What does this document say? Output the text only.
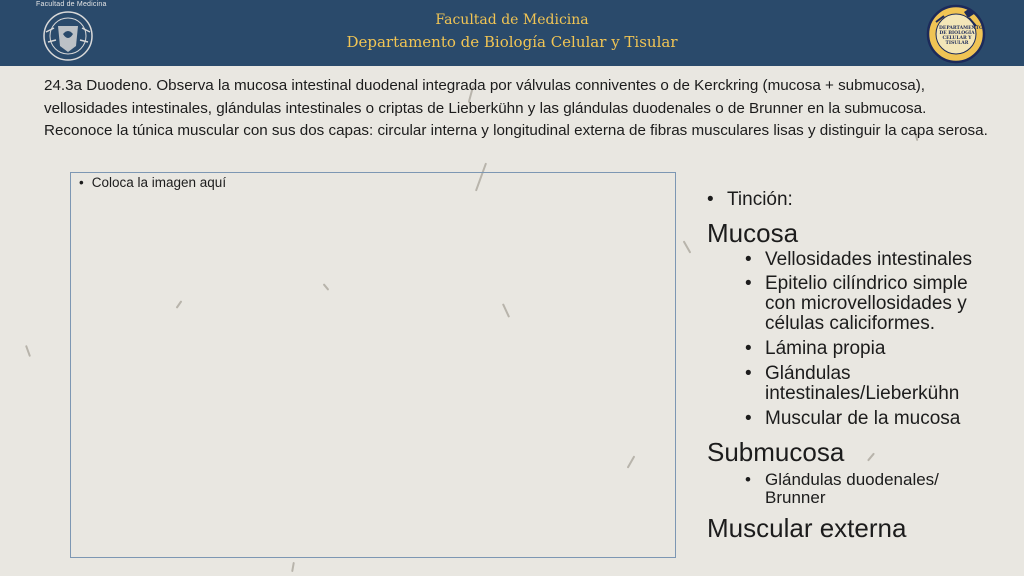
Facultad de Medicina
Facultad de Medicina
Departamento de Biología Celular y Tisular
DEPARTAMENTO DE BIOLOGÍA CELULAR Y TISULAR
24.3a Duodeno. Observa la mucosa intestinal duodenal integrada por válvulas conniventes o de Kerckring (mucosa + submucosa), vellosidades intestinales, glándulas intestinales o criptas de Lieberkühn y las glándulas duodenales o de Brunner en la submucosa. Reconoce la túnica muscular con sus dos capas: circular interna y longitudinal externa de fibras musculares lisas y distinguir la capa serosa.
• Coloca la imagen aquí
• Tinción:
Mucosa
• Vellosidades intestinales
• Epitelio cilíndrico simple
con microvellosidades y
células caliciformes.
• Lámina propia
• Glándulas
intestinales/Lieberkühn
• Muscular de la mucosa
Submucosa
• Glándulas duodenales/
Brunner
Muscular externa
